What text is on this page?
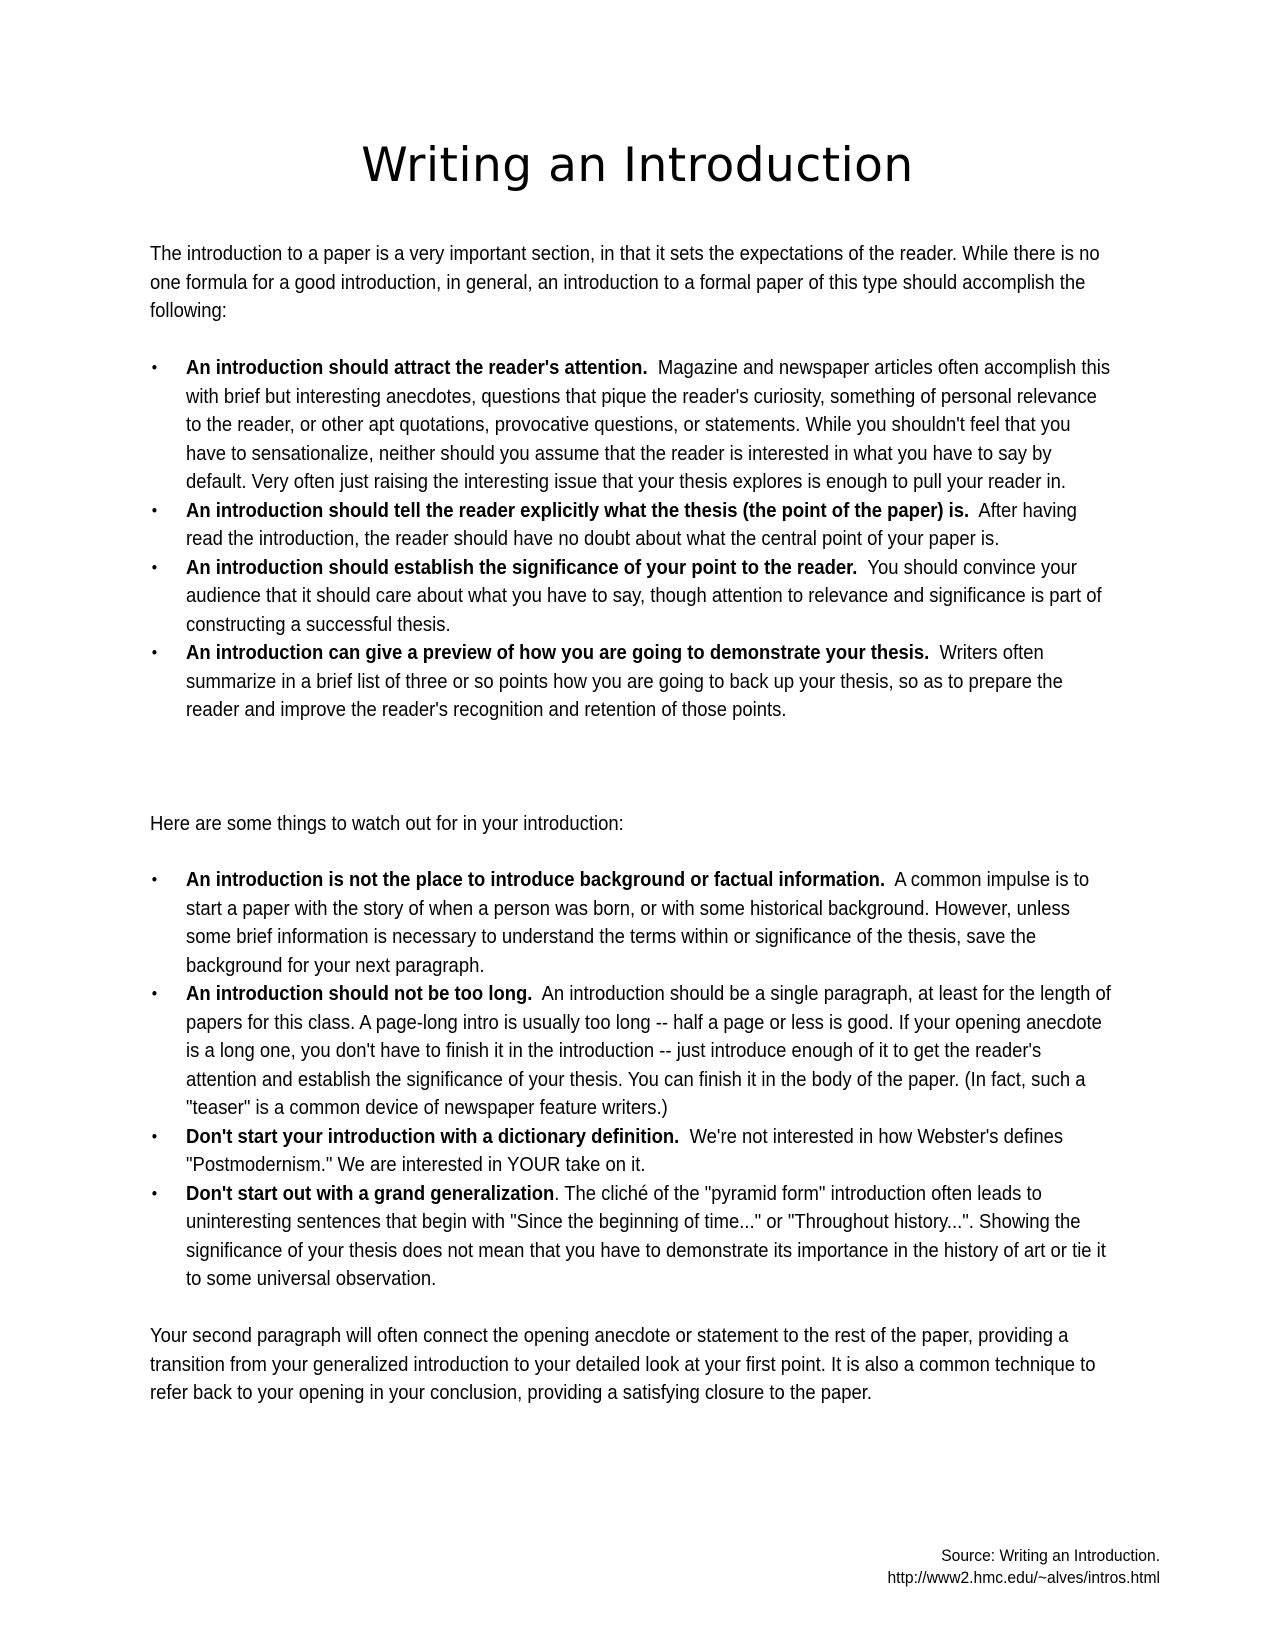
Writing an Introduction

The introduction to a paper is a very important section, in that it sets the expectations of the reader. While there is no one formula for a good introduction, in general, an introduction to a formal paper of this type should accomplish the following:

• An introduction should attract the reader's attention. Magazine and newspaper articles often accomplish this with brief but interesting anecdotes, questions that pique the reader's curiosity, something of personal relevance to the reader, or other apt quotations, provocative questions, or statements. While you shouldn't feel that you have to sensationalize, neither should you assume that the reader is interested in what you have to say by default. Very often just raising the interesting issue that your thesis explores is enough to pull your reader in.
• An introduction should tell the reader explicitly what the thesis (the point of the paper) is. After having read the introduction, the reader should have no doubt about what the central point of your paper is.
• An introduction should establish the significance of your point to the reader. You should convince your audience that it should care about what you have to say, though attention to relevance and significance is part of constructing a successful thesis.
• An introduction can give a preview of how you are going to demonstrate your thesis. Writers often summarize in a brief list of three or so points how you are going to back up your thesis, so as to prepare the reader and improve the reader's recognition and retention of those points.

Here are some things to watch out for in your introduction:

• An introduction is not the place to introduce background or factual information. A common impulse is to start a paper with the story of when a person was born, or with some historical background. However, unless some brief information is necessary to understand the terms within or significance of the thesis, save the background for your next paragraph.
• An introduction should not be too long. An introduction should be a single paragraph, at least for the length of papers for this class. A page-long intro is usually too long -- half a page or less is good. If your opening anecdote is a long one, you don't have to finish it in the introduction -- just introduce enough of it to get the reader's attention and establish the significance of your thesis. You can finish it in the body of the paper. (In fact, such a "teaser" is a common device of newspaper feature writers.)
• Don't start your introduction with a dictionary definition. We're not interested in how Webster's defines "Postmodernism." We are interested in YOUR take on it.
• Don't start out with a grand generalization. The cliché of the "pyramid form" introduction often leads to uninteresting sentences that begin with "Since the beginning of time..." or "Throughout history...". Showing the significance of your thesis does not mean that you have to demonstrate its importance in the history of art or tie it to some universal observation.

Your second paragraph will often connect the opening anecdote or statement to the rest of the paper, providing a transition from your generalized introduction to your detailed look at your first point. It is also a common technique to refer back to your opening in your conclusion, providing a satisfying closure to the paper.

Source: Writing an Introduction. http://www2.hmc.edu/~alves/intros.html
